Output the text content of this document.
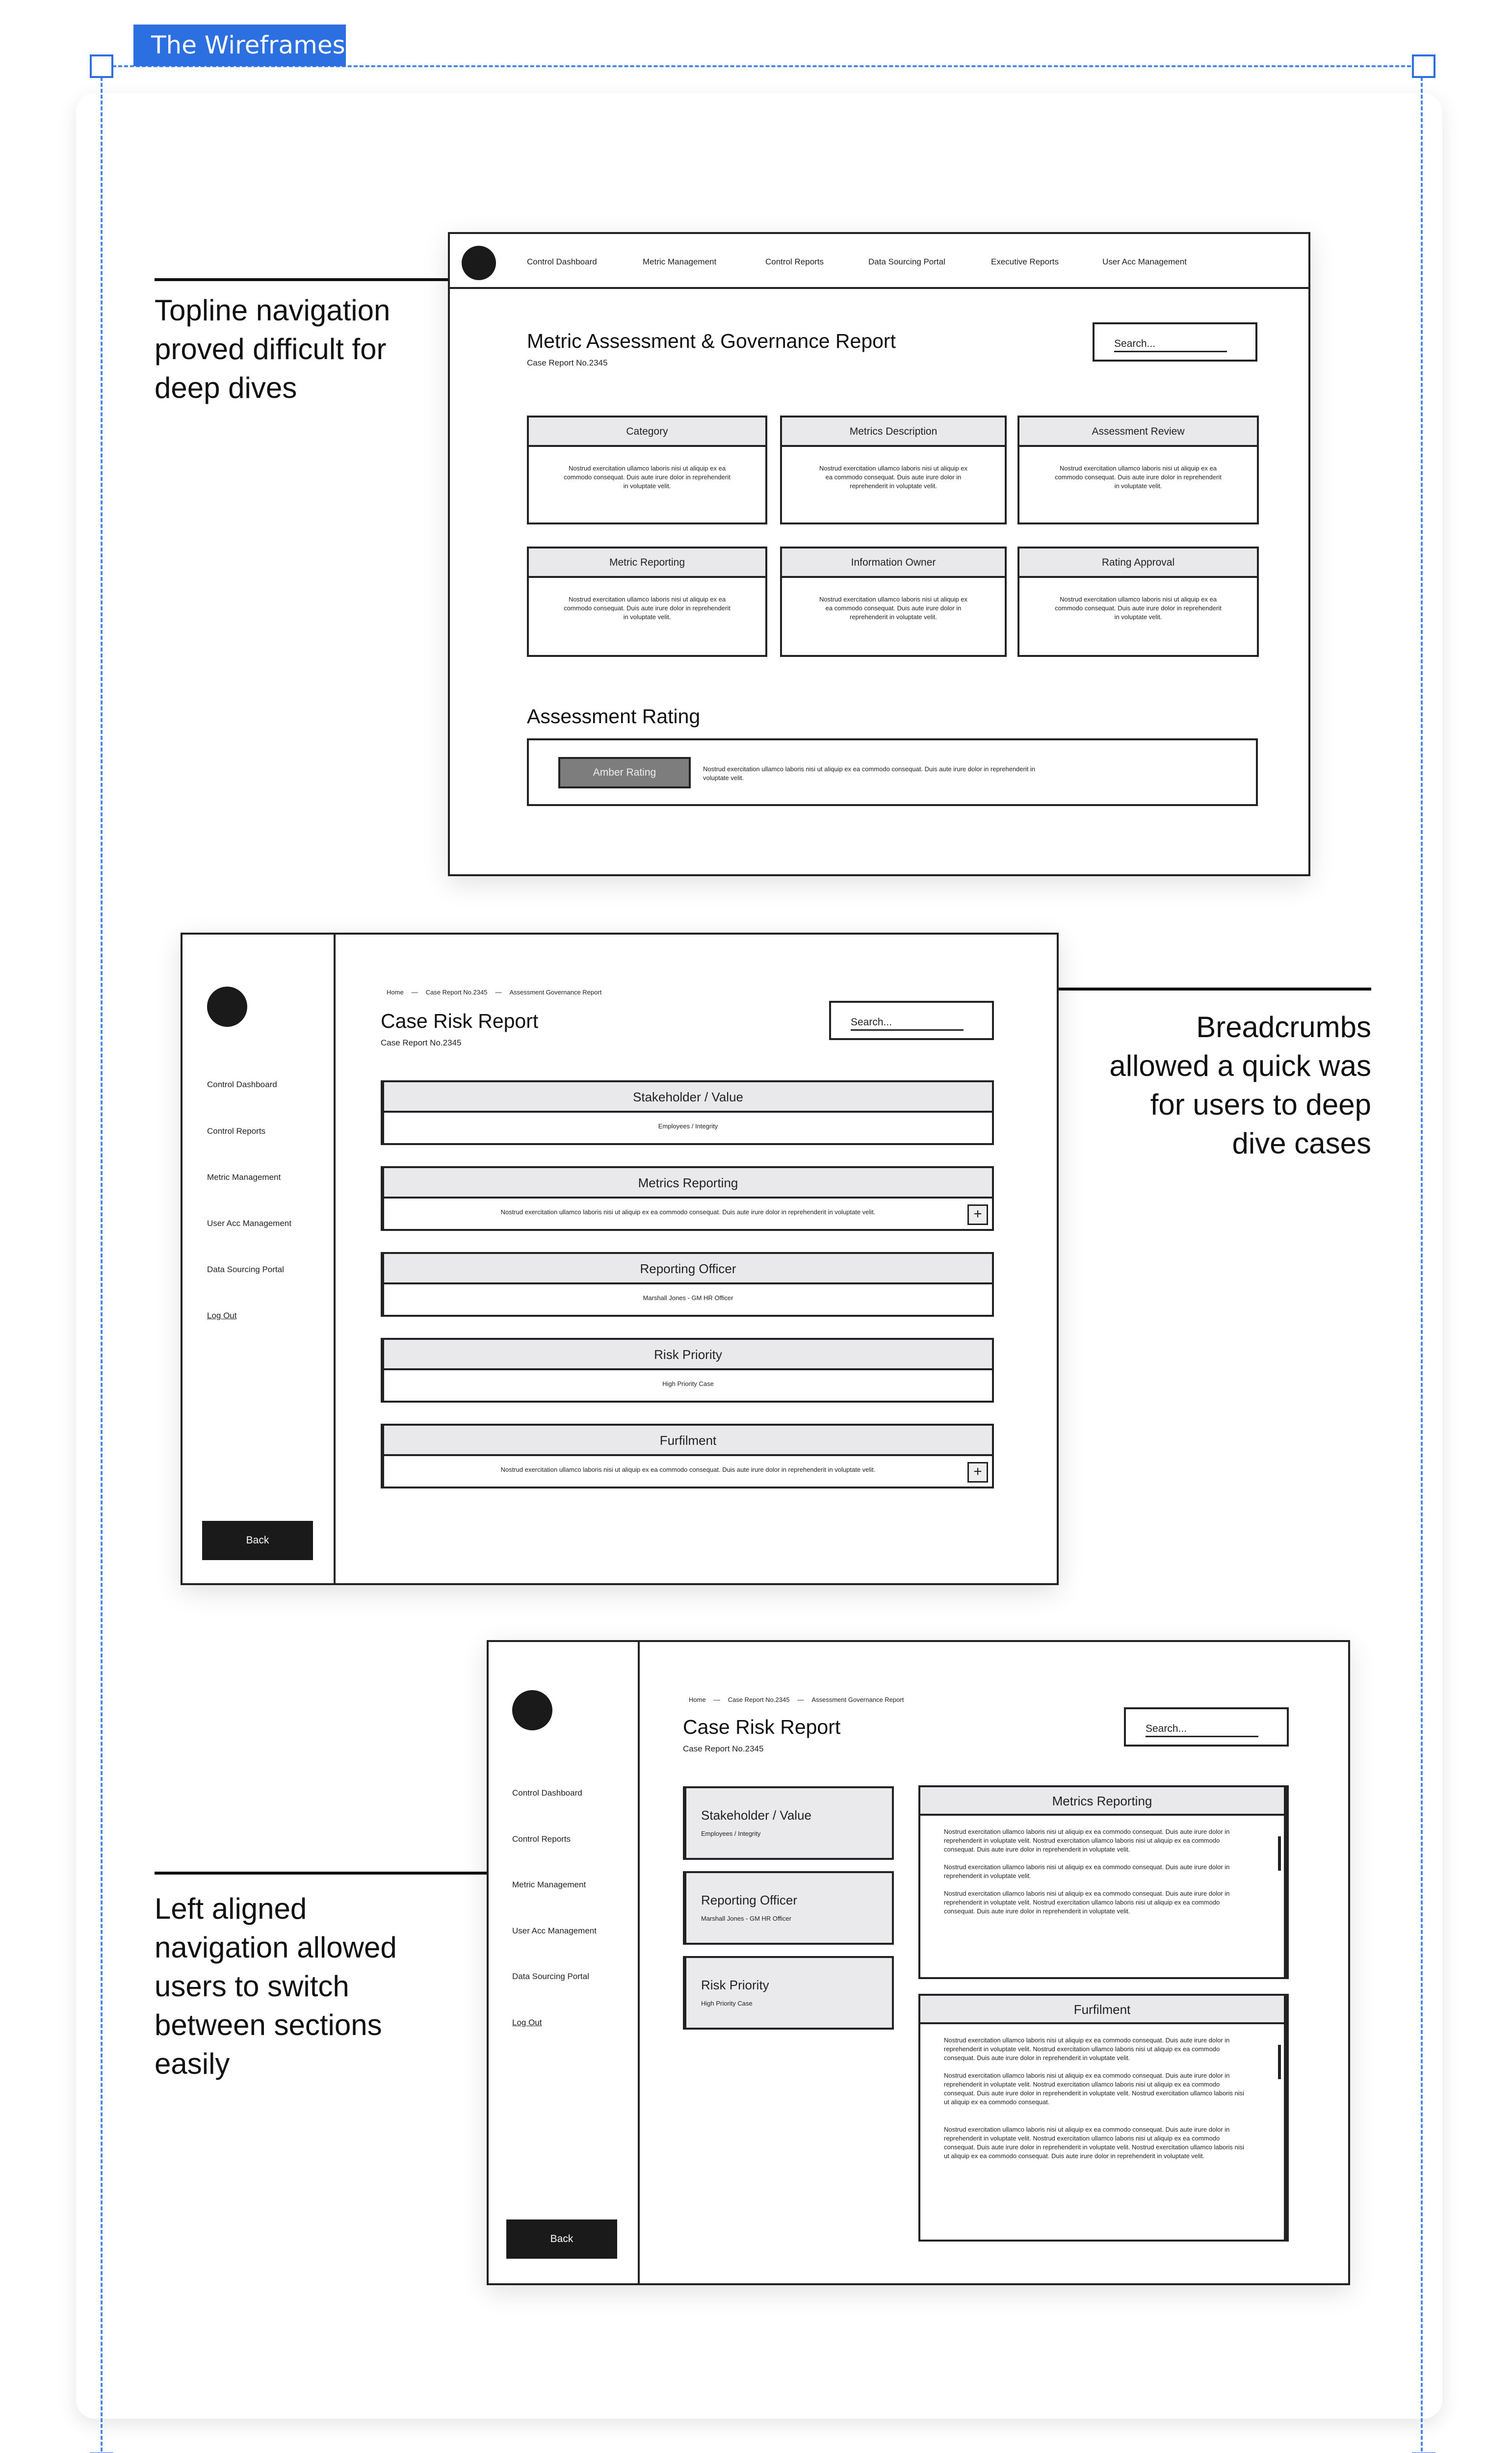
The Wireframes
Topline navigation proved difficult for deep dives
Breadcrumbs allowed a quick was for users to deep dive cases
Left aligned navigation allowed users to switch between sections easily
Control Dashboard	Metric Management	Control Reports	Data Sourcing Portal	Executive Reports	User Acc Management
Metric Assessment & Governance Report
Case Report No.2345
Search...
Category
Nostrud exercitation ullamco laboris nisi ut aliquip ex ea commodo consequat. Duis aute irure dolor in reprehenderit in voluptate velit.
Metrics Description
Nostrud exercitation ullamco laboris nisi ut aliquip ex ea commodo consequat. Duis aute irure dolor in reprehenderit in voluptate velit.
Assessment Review
Nostrud exercitation ullamco laboris nisi ut aliquip ex ea commodo consequat. Duis aute irure dolor in reprehenderit in voluptate velit.
Metric Reporting
Nostrud exercitation ullamco laboris nisi ut aliquip ex ea commodo consequat. Duis aute irure dolor in reprehenderit in voluptate velit.
Information Owner
Nostrud exercitation ullamco laboris nisi ut aliquip ex ea commodo consequat. Duis aute irure dolor in reprehenderit in voluptate velit.
Rating Approval
Nostrud exercitation ullamco laboris nisi ut aliquip ex ea commodo consequat. Duis aute irure dolor in reprehenderit in voluptate velit.
Assessment Rating
Amber Rating	Nostrud exercitation ullamco laboris nisi ut aliquip ex ea commodo consequat. Duis aute irure dolor in reprehenderit in voluptate velit.
Control Dashboard
Control Reports
Metric Management
User Acc Management
Data Sourcing Portal
Log Out
Back
Home — Case Report No.2345 — Assessment Governance Report
Case Risk Report
Case Report No.2345
Search...
Stakeholder / Value
Employees / Integrity
Metrics Reporting
Nostrud exercitation ullamco laboris nisi ut aliquip ex ea commodo consequat. Duis aute irure dolor in reprehenderit in voluptate velit.	+
Reporting Officer
Marshall Jones - GM HR Officer
Risk Priority
High Priority Case
Furfilment
Nostrud exercitation ullamco laboris nisi ut aliquip ex ea commodo consequat. Duis aute irure dolor in reprehenderit in voluptate velit.	+
Control Dashboard
Control Reports
Metric Management
User Acc Management
Data Sourcing Portal
Log Out
Back
Home — Case Report No.2345 — Assessment Governance Report
Case Risk Report
Case Report No.2345
Search...
Stakeholder / Value
Employees / Integrity
Reporting Officer
Marshall Jones - GM HR Officer
Risk Priority
High Priority Case
Metrics Reporting
Nostrud exercitation ullamco laboris nisi ut aliquip ex ea commodo consequat. Duis aute irure dolor in reprehenderit in voluptate velit. Nostrud exercitation ullamco laboris nisi ut aliquip ex ea commodo consequat. Duis aute irure dolor in reprehenderit in voluptate velit.
Nostrud exercitation ullamco laboris nisi ut aliquip ex ea commodo consequat. Duis aute irure dolor in reprehenderit in voluptate velit.
Nostrud exercitation ullamco laboris nisi ut aliquip ex ea commodo consequat. Duis aute irure dolor in reprehenderit in voluptate velit. Nostrud exercitation ullamco laboris nisi ut aliquip ex ea commodo consequat. Duis aute irure dolor in reprehenderit in voluptate velit.
Furfilment
Nostrud exercitation ullamco laboris nisi ut aliquip ex ea commodo consequat. Duis aute irure dolor in reprehenderit in voluptate velit. Nostrud exercitation ullamco laboris nisi ut aliquip ex ea commodo consequat. Duis aute irure dolor in reprehenderit in voluptate velit.
Nostrud exercitation ullamco laboris nisi ut aliquip ex ea commodo consequat. Duis aute irure dolor in reprehenderit in voluptate velit. Nostrud exercitation ullamco laboris nisi ut aliquip ex ea commodo consequat. Duis aute irure dolor in reprehenderit in voluptate velit. Nostrud exercitation ullamco laboris nisi ut aliquip ex ea commodo consequat.
Nostrud exercitation ullamco laboris nisi ut aliquip ex ea commodo consequat. Duis aute irure dolor in reprehenderit in voluptate velit. Nostrud exercitation ullamco laboris nisi ut aliquip ex ea commodo consequat. Duis aute irure dolor in reprehenderit in voluptate velit. Nostrud exercitation ullamco laboris nisi ut aliquip ex ea commodo consequat. Duis aute irure dolor in reprehenderit in voluptate velit.
